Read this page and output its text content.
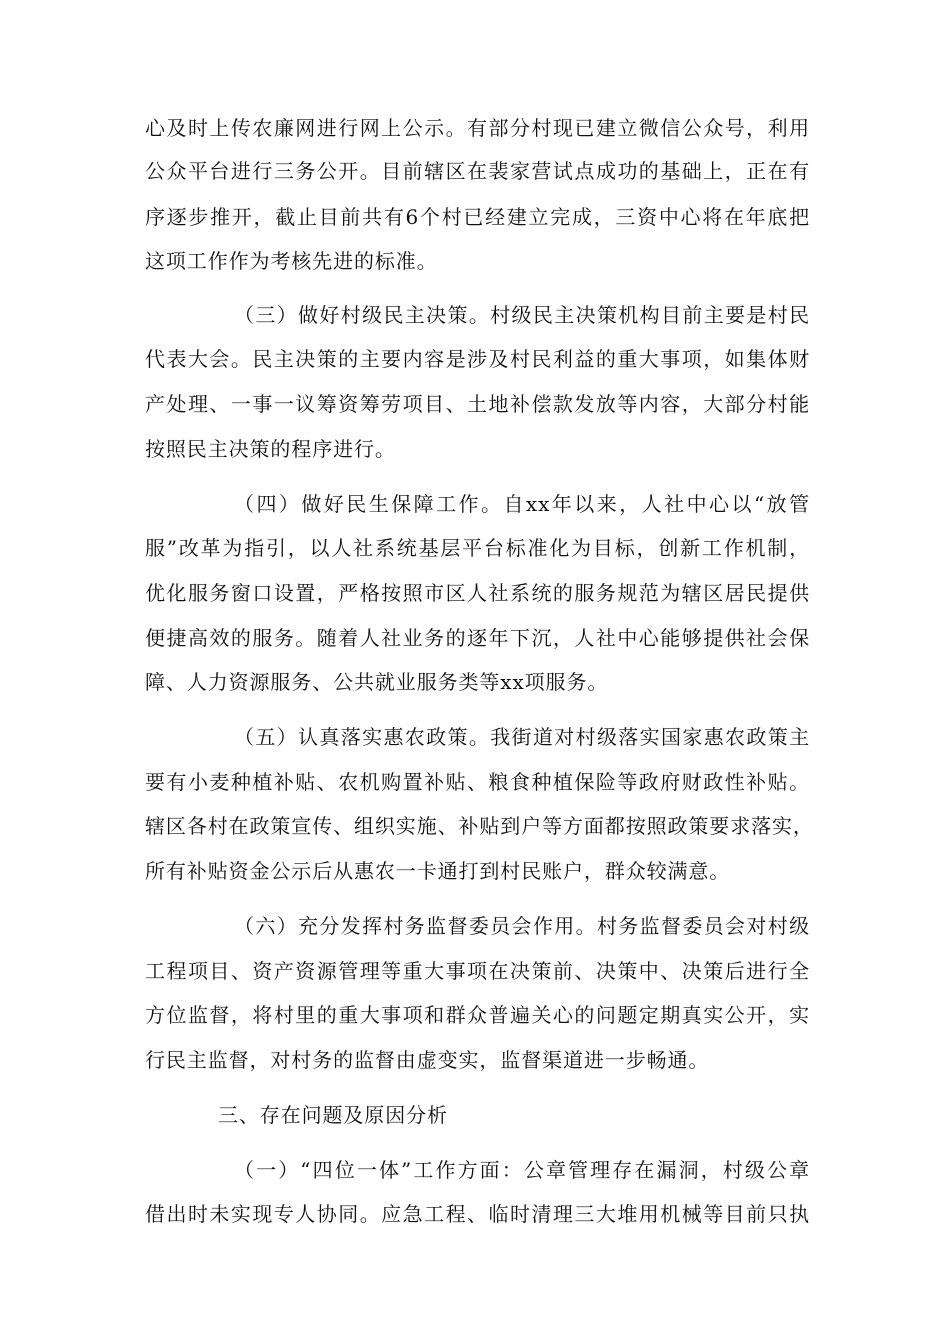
心及时上传农廉网进行网上公示。有部分村现已建立微信公众号，利用
公众平台进行三务公开。目前辖区在裴家营试点成功的基础上，正在有
序逐步推开，截止目前共有6个村已经建立完成，三资中心将在年底把
这项工作作为考核先进的标准。
（三）做好村级民主决策。村级民主决策机构目前主要是村民
代表大会。民主决策的主要内容是涉及村民利益的重大事项，如集体财
产处理、一事一议筹资筹劳项目、土地补偿款发放等内容，大部分村能
按照民主决策的程序进行。
（四）做好民生保障工作。自xx年以来，人社中心以“放管
服”改革为指引，以人社系统基层平台标准化为目标，创新工作机制，
优化服务窗口设置，严格按照市区人社系统的服务规范为辖区居民提供
便捷高效的服务。随着人社业务的逐年下沉，人社中心能够提供社会保
障、人力资源服务、公共就业服务类等xx项服务。
（五）认真落实惠农政策。我街道对村级落实国家惠农政策主
要有小麦种植补贴、农机购置补贴、粮食种植保险等政府财政性补贴。
辖区各村在政策宣传、组织实施、补贴到户等方面都按照政策要求落实，
所有补贴资金公示后从惠农一卡通打到村民账户，群众较满意。
（六）充分发挥村务监督委员会作用。村务监督委员会对村级
工程项目、资产资源管理等重大事项在决策前、决策中、决策后进行全
方位监督，将村里的重大事项和群众普遍关心的问题定期真实公开，实
行民主监督，对村务的监督由虚变实，监督渠道进一步畅通。
三、存在问题及原因分析
（一）“四位一体”工作方面：公章管理存在漏洞，村级公章
借出时未实现专人协同。应急工程、临时清理三大堆用机械等目前只执
